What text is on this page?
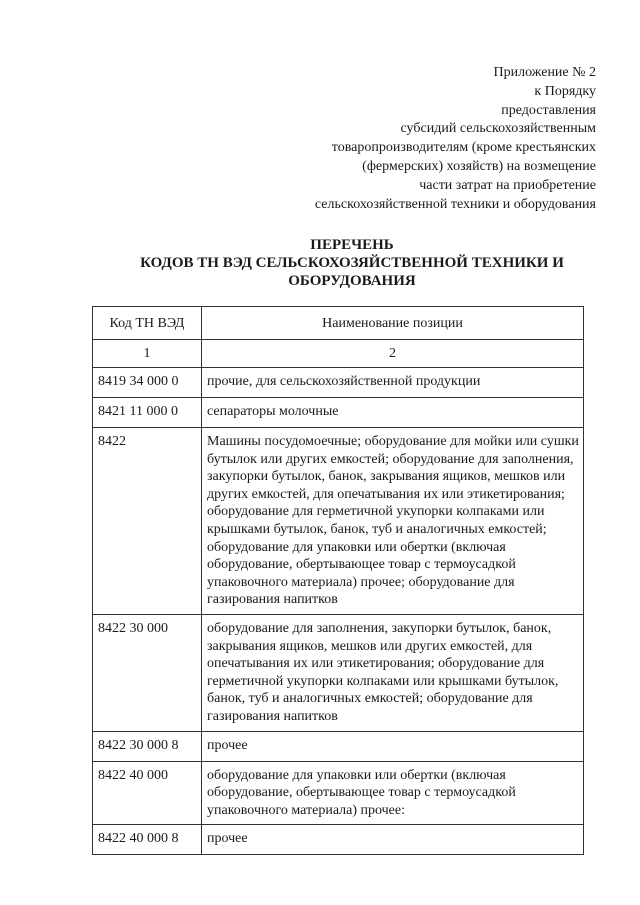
Приложение № 2
к Порядку
предоставления
субсидий сельскохозяйственным
товаропроизводителям (кроме крестьянских
(фермерских) хозяйств) на возмещение
части затрат на приобретение
сельскохозяйственной техники и оборудования
ПЕРЕЧЕНЬ
КОДОВ ТН ВЭД СЕЛЬСКОХОЗЯЙСТВЕННОЙ ТЕХНИКИ И
ОБОРУДОВАНИЯ
Код ТН ВЭД	Наименование позиции
1	2
8419 34 000 0	прочие, для сельскохозяйственной продукции
8421 11 000 0	сепараторы молочные
8422	Машины посудомоечные; оборудование для мойки или сушки бутылок или других емкостей; оборудование для заполнения, закупорки бутылок, банок, закрывания ящиков, мешков или других емкостей, для опечатывания их или этикетирования; оборудование для герметичной укупорки колпаками или крышками бутылок, банок, туб и аналогичных емкостей; оборудование для упаковки или обертки (включая оборудование, обертывающее товар с термоусадкой упаковочного материала) прочее; оборудование для газирования напитков
8422 30 000	оборудование для заполнения, закупорки бутылок, банок, закрывания ящиков, мешков или других емкостей, для опечатывания их или этикетирования; оборудование для герметичной укупорки колпаками или крышками бутылок, банок, туб и аналогичных емкостей; оборудование для газирования напитков
8422 30 000 8	прочее
8422 40 000	оборудование для упаковки или обертки (включая оборудование, обертывающее товар с термоусадкой упаковочного материала) прочее:
8422 40 000 8	прочее
